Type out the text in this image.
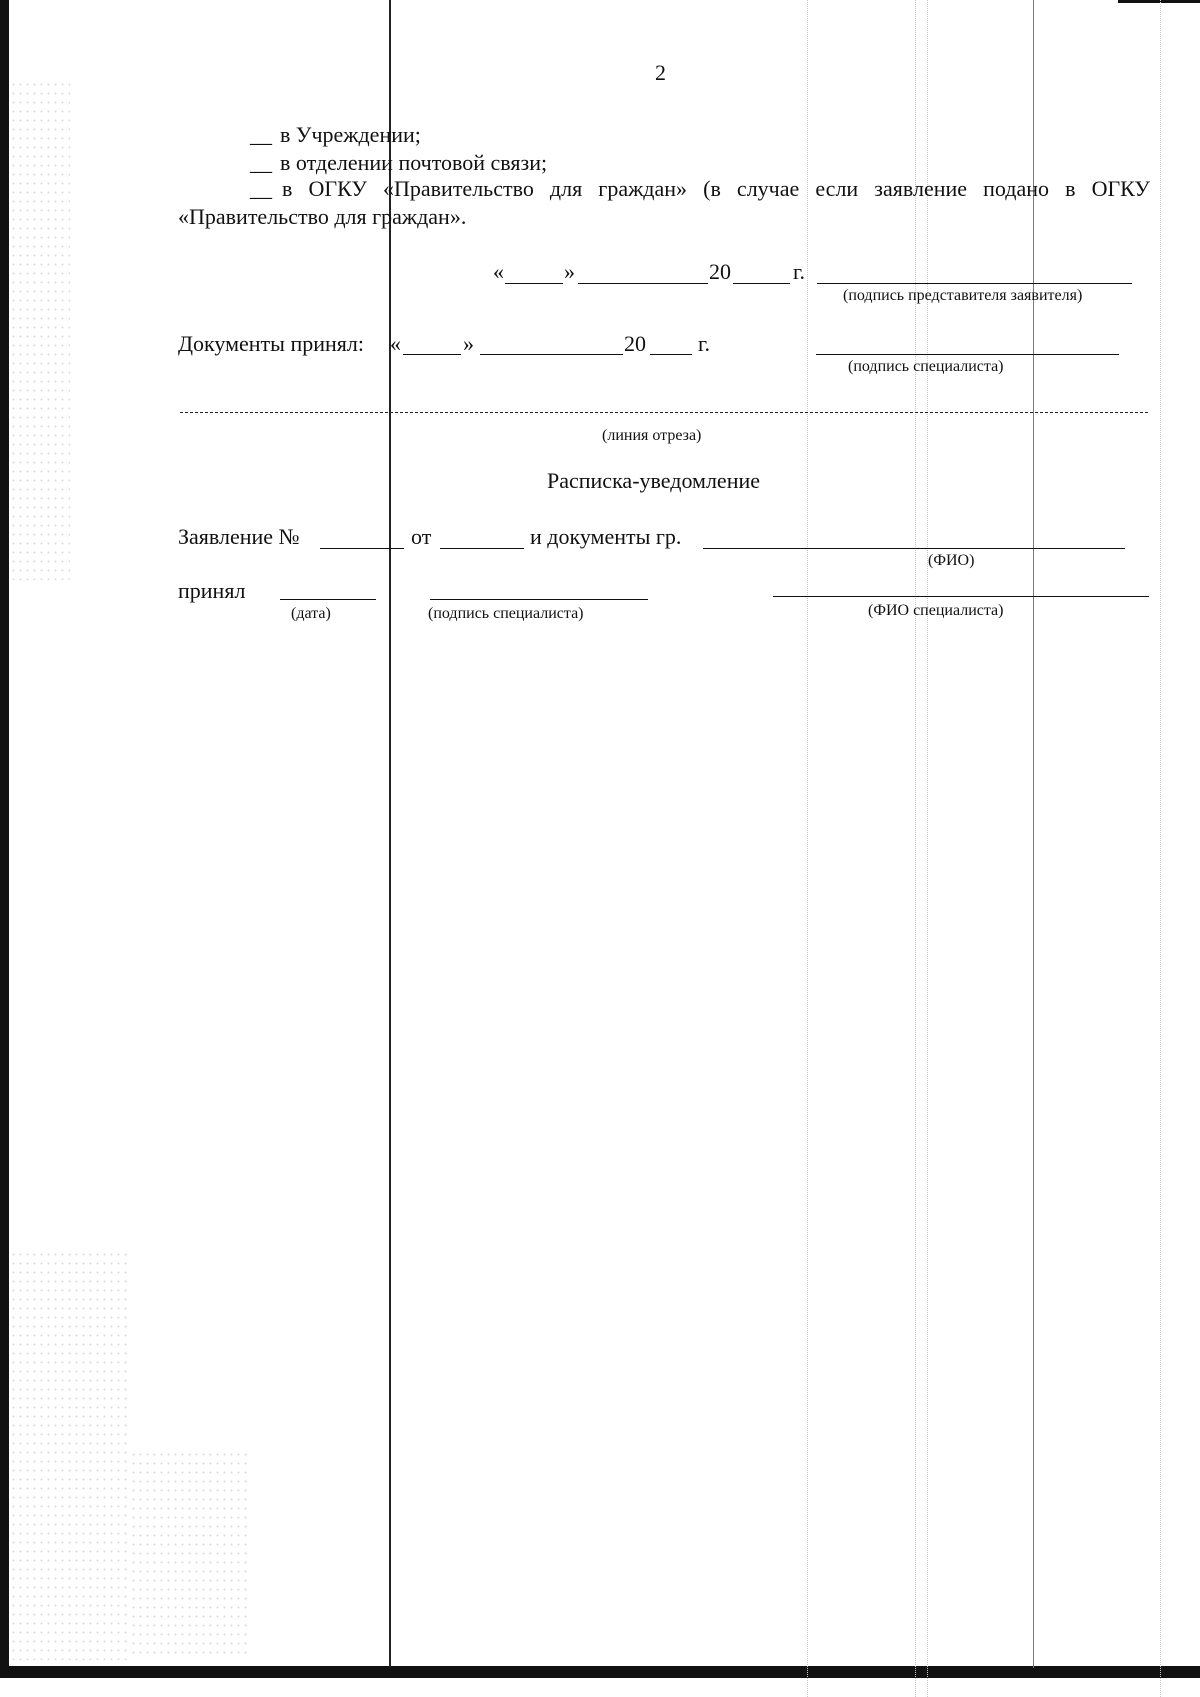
2
__ в Учреждении;
__ в отделении почтовой связи;
__ в ОГКУ «Правительство для граждан» (в случае если заявление подано в ОГКУ
«Правительство для граждан».
«	»	20	г.
(подпись представителя заявителя)
Документы принял: «	»	20 г.
(подпись специалиста)
(линия отреза)
Расписка-уведомление
Заявление №	от	и документы гр.
(ФИО)
принял
(дата)	(подпись специалиста)	(ФИО специалиста)
